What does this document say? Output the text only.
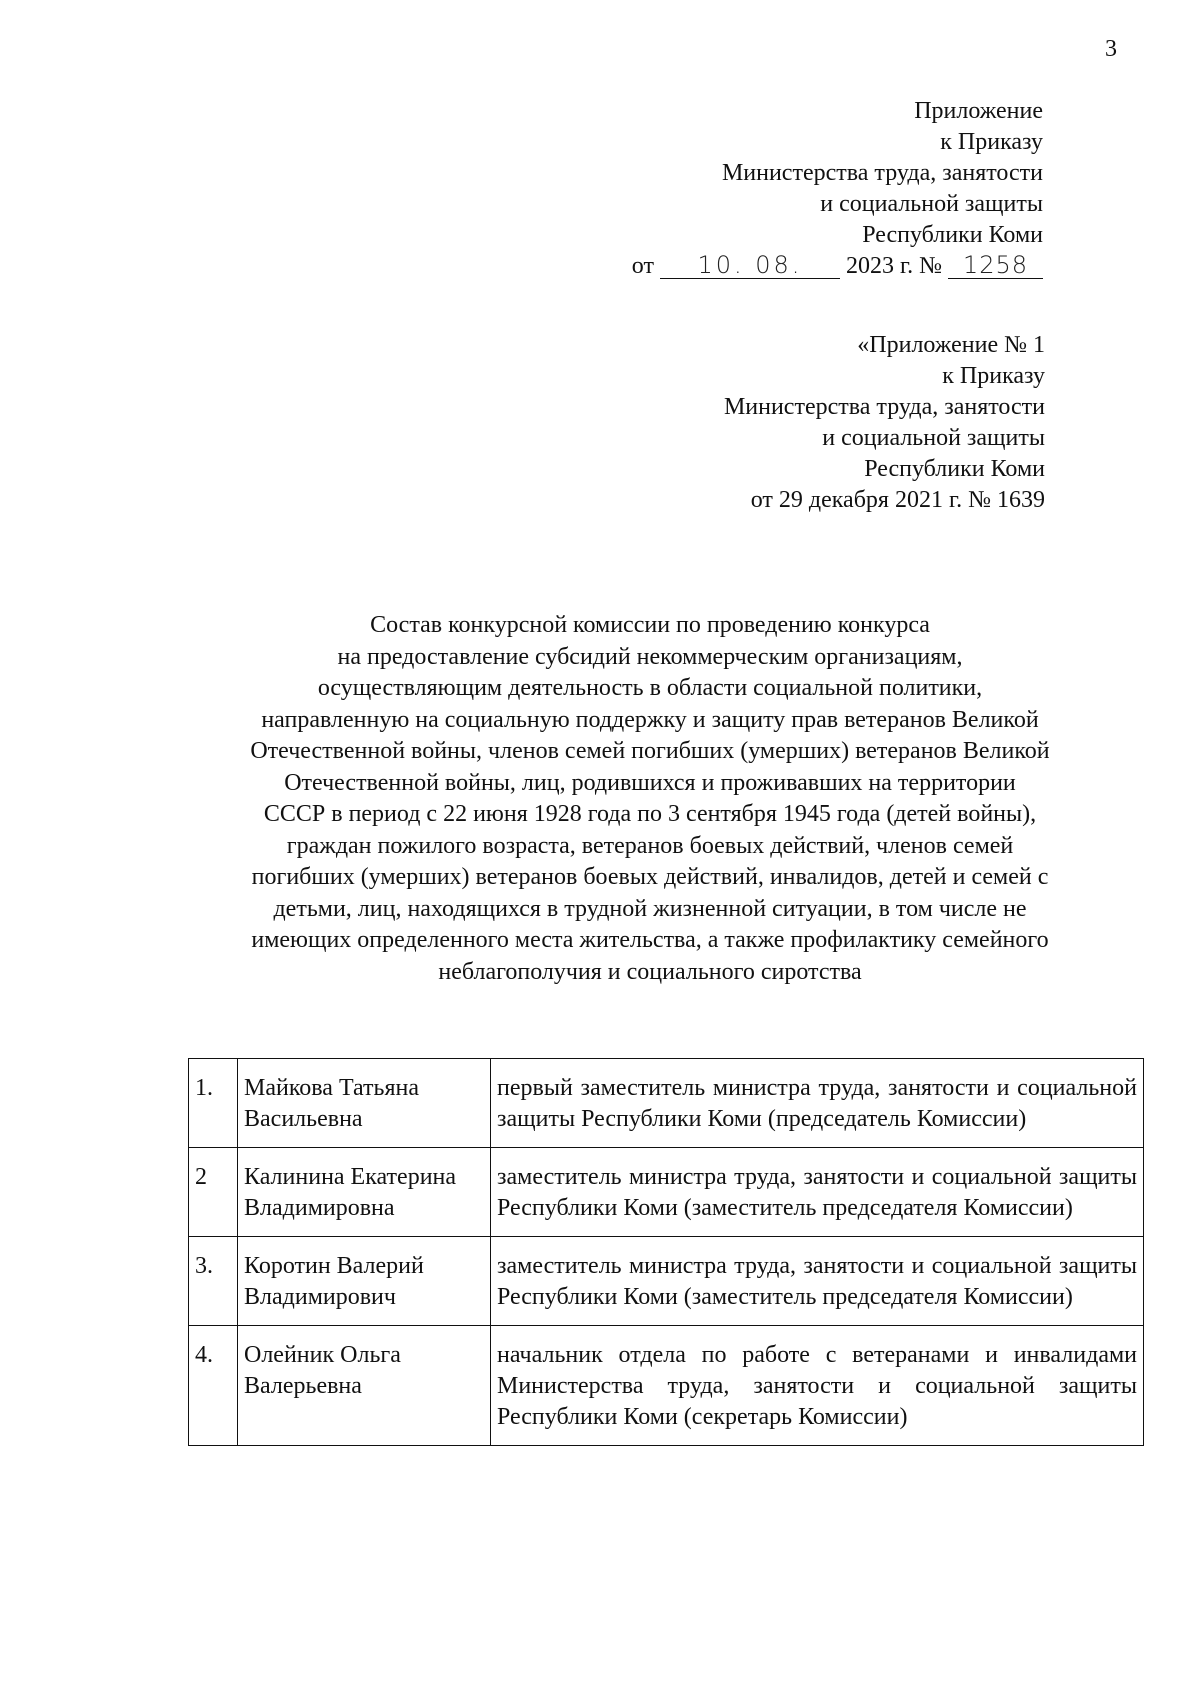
3
Приложение
к Приказу
Министерства труда, занятости
и социальной защиты
Республики Коми
от 10. 08. 2023 г. № 1258
«Приложение № 1
к Приказу
Министерства труда, занятости
и социальной защиты
Республики Коми
от 29 декабря 2021 г. № 1639
Состав конкурсной комиссии по проведению конкурса
на предоставление субсидий некоммерческим организациям,
осуществляющим деятельность в области социальной политики,
направленную на социальную поддержку и защиту прав ветеранов Великой
Отечественной войны, членов семей погибших (умерших) ветеранов Великой
Отечественной войны, лиц, родившихся и проживавших на территории
СССР в период с 22 июня 1928 года по 3 сентября 1945 года (детей войны),
граждан пожилого возраста, ветеранов боевых действий, членов семей
погибших (умерших) ветеранов боевых действий, инвалидов, детей и семей с
детьми, лиц, находящихся в трудной жизненной ситуации, в том числе не
имеющих определенного места жительства, а также профилактику семейного
неблагополучия и социального сиротства
1.	Майкова Татьяна Васильевна	первый заместитель министра труда, занятости и социальной защиты Республики Коми (председатель Комиссии)
2	Калинина Екатерина Владимировна	заместитель министра труда, занятости и социальной защиты Республики Коми (заместитель председателя Комиссии)
3.	Коротин Валерий Владимирович	заместитель министра труда, занятости и социальной защиты Республики Коми (заместитель председателя Комиссии)
4.	Олейник Ольга Валерьевна	начальник отдела по работе с ветеранами и инвалидами Министерства труда, занятости и социальной защиты Республики Коми (секретарь Комиссии)
